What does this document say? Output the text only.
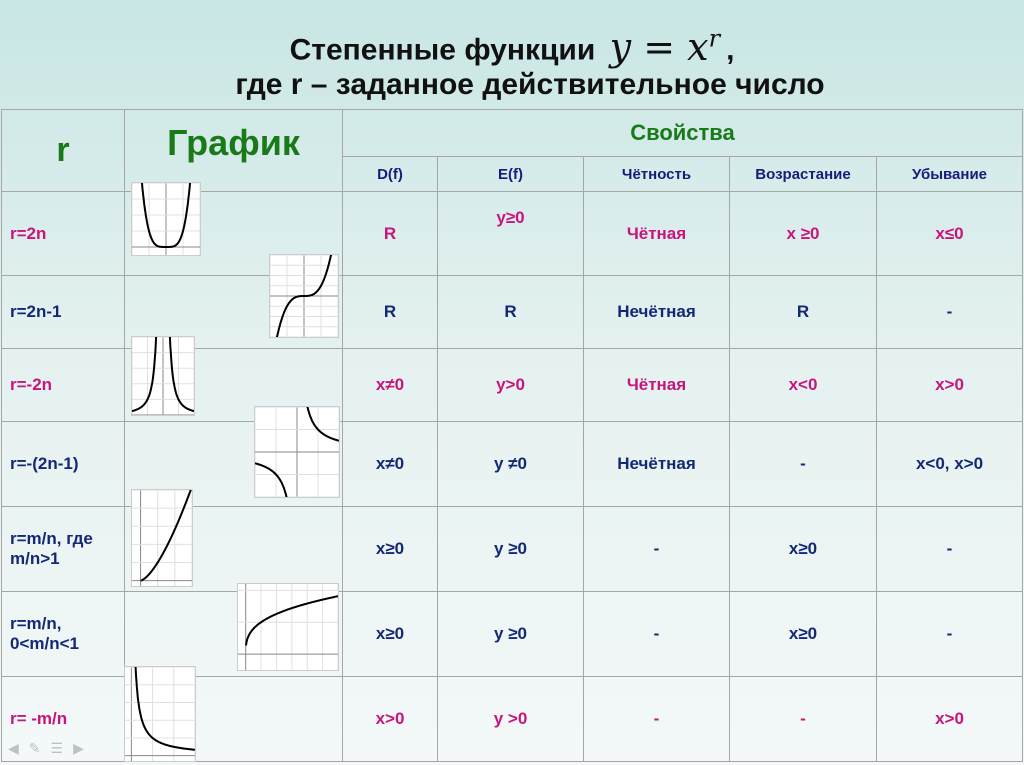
Степенные функции $y = x^r$ ,
где r – заданное действительное число
r	График	Свойства				
		D(f)	E(f)	Чётность	Возрастание	Убывание
r=2n		R	y≥0	Чётная	x ≥0	x≤0
r=2n-1		R	R	Нечётная	R	-
r=-2n		x≠0	y>0	Чётная	x<0	x>0
r=-(2n-1)		x≠0	y ≠0	Нечётная	-	x<0, x>0
r=m/n, где m/n>1		x≥0	y ≥0	-	x≥0	-
r=m/n, 0<m/n<1		x≥0	y ≥0	-	x≥0	-
r= -m/n		x>0	y >0	-	-	x>0
◀✎☰▶
